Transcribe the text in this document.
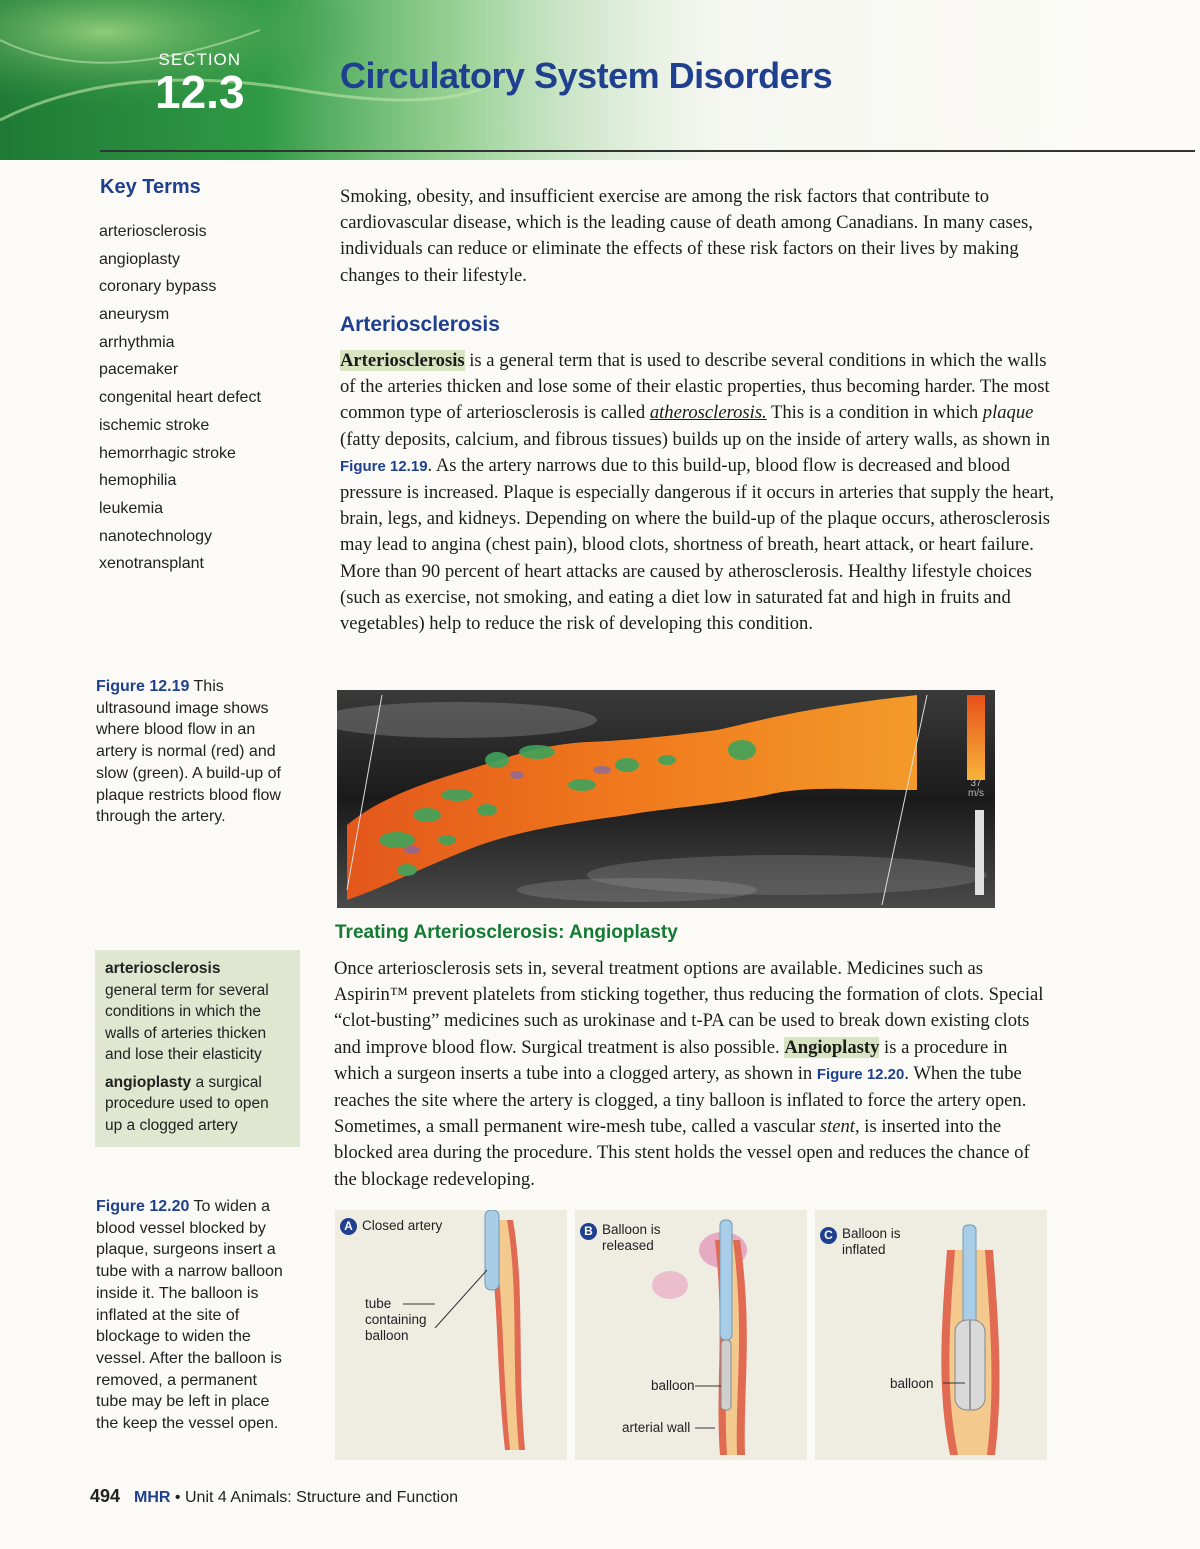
SECTION
12.3	Circulatory System Disorders
Key Terms
arteriosclerosis
angioplasty
coronary bypass
aneurysm
arrhythmia
pacemaker
congenital heart defect
ischemic stroke
hemorrhagic stroke
hemophilia
leukemia
nanotechnology
xenotransplant

Smoking, obesity, and insufficient exercise are among the risk factors that contribute to cardiovascular disease, which is the leading cause of death among Canadians. In many cases, individuals can reduce or eliminate the effects of these risk factors on their lives by making changes to their lifestyle.

Arteriosclerosis

Arteriosclerosis is a general term that is used to describe several conditions in which the walls of the arteries thicken and lose some of their elastic properties, thus becoming harder. The most common type of arteriosclerosis is called atherosclerosis. This is a condition in which plaque (fatty deposits, calcium, and fibrous tissues) builds up on the inside of artery walls, as shown in Figure 12.19. As the artery narrows due to this build-up, blood flow is decreased and blood pressure is increased. Plaque is especially dangerous if it occurs in arteries that supply the heart, brain, legs, and kidneys. Depending on where the build-up of the plaque occurs, atherosclerosis may lead to angina (chest pain), blood clots, shortness of breath, heart attack, or heart failure. More than 90 percent of heart attacks are caused by atherosclerosis. Healthy lifestyle choices (such as exercise, not smoking, and eating a diet low in saturated fat and high in fruits and vegetables) help to reduce the risk of developing this condition.

Figure 12.19 This ultrasound image shows where blood flow in an artery is normal (red) and slow (green). A build-up of plaque restricts blood flow through the artery.
37
m/s
Treating Arteriosclerosis: Angioplasty

Once arteriosclerosis sets in, several treatment options are available. Medicines such as Aspirin™ prevent platelets from sticking together, thus reducing the formation of clots. Special “clot-busting” medicines such as urokinase and t-PA can be used to break down existing clots and improve blood flow. Surgical treatment is also possible. Angioplasty is a procedure in which a surgeon inserts a tube into a clogged artery, as shown in Figure 12.20. When the tube reaches the site where the artery is clogged, a tiny balloon is inflated to force the artery open. Sometimes, a small permanent wire-mesh tube, called a vascular stent, is inserted into the blocked area during the procedure. This stent holds the vessel open and reduces the chance of the blockage redeveloping.

arteriosclerosis
general term for several conditions in which the walls of arteries thicken and lose their elasticity
angioplasty a surgical procedure used to open up a clogged artery
Figure 12.20 To widen a blood vessel blocked by plaque, surgeons insert a tube with a narrow balloon inside it. The balloon is inflated at the site of blockage to widen the vessel. After the balloon is removed, a permanent tube may be left in place the keep the vessel open.
A Closed artery
tube
containing
balloon
B Balloon is
released
balloon
arterial wall
C Balloon is
inflated
balloon
494 MHR • Unit 4 Animals: Structure and Function
